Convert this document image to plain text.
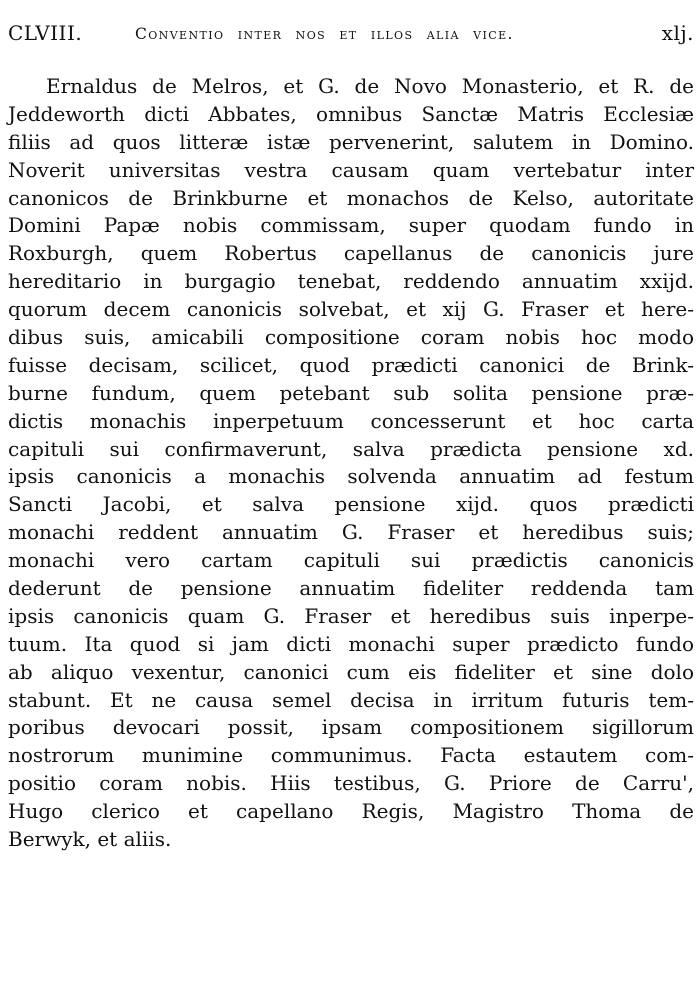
CLVIII.	Conventio inter nos et illos alia vice.	xlj.
Ernaldus de Melros, et G. de Novo Monasterio, et R. de
Jeddeworth dicti Abbates, omnibus Sanctæ Matris Ecclesiæ
filiis ad quos litteræ istæ pervenerint, salutem in Domino.
Noverit universitas vestra causam quam vertebatur inter
canonicos de Brinkburne et monachos de Kelso, autoritate
Domini Papæ nobis commissam, super quodam fundo in
Roxburgh, quem Robertus capellanus de canonicis jure
hereditario in burgagio tenebat, reddendo annuatim xxijd.
quorum decem canonicis solvebat, et xij G. Fraser et here-
dibus suis, amicabili compositione coram nobis hoc modo
fuisse decisam, scilicet, quod prædicti canonici de Brink-
burne fundum, quem petebant sub solita pensione præ-
dictis monachis inperpetuum concesserunt et hoc carta
capituli sui confirmaverunt, salva prædicta pensione xd.
ipsis canonicis a monachis solvenda annuatim ad festum
Sancti Jacobi, et salva pensione xijd. quos prædicti
monachi reddent annuatim G. Fraser et heredibus suis;
monachi vero cartam capituli sui prædictis canonicis
dederunt de pensione annuatim fideliter reddenda tam
ipsis canonicis quam G. Fraser et heredibus suis inperpe-
tuum. Ita quod si jam dicti monachi super prædicto fundo
ab aliquo vexentur, canonici cum eis fideliter et sine dolo
stabunt. Et ne causa semel decisa in irritum futuris tem-
poribus devocari possit, ipsam compositionem sigillorum
nostrorum munimine communimus. Facta estautem com-
positio coram nobis. Hiis testibus, G. Priore de Carru',
Hugo clerico et capellano Regis, Magistro Thoma de
Berwyk, et aliis.
